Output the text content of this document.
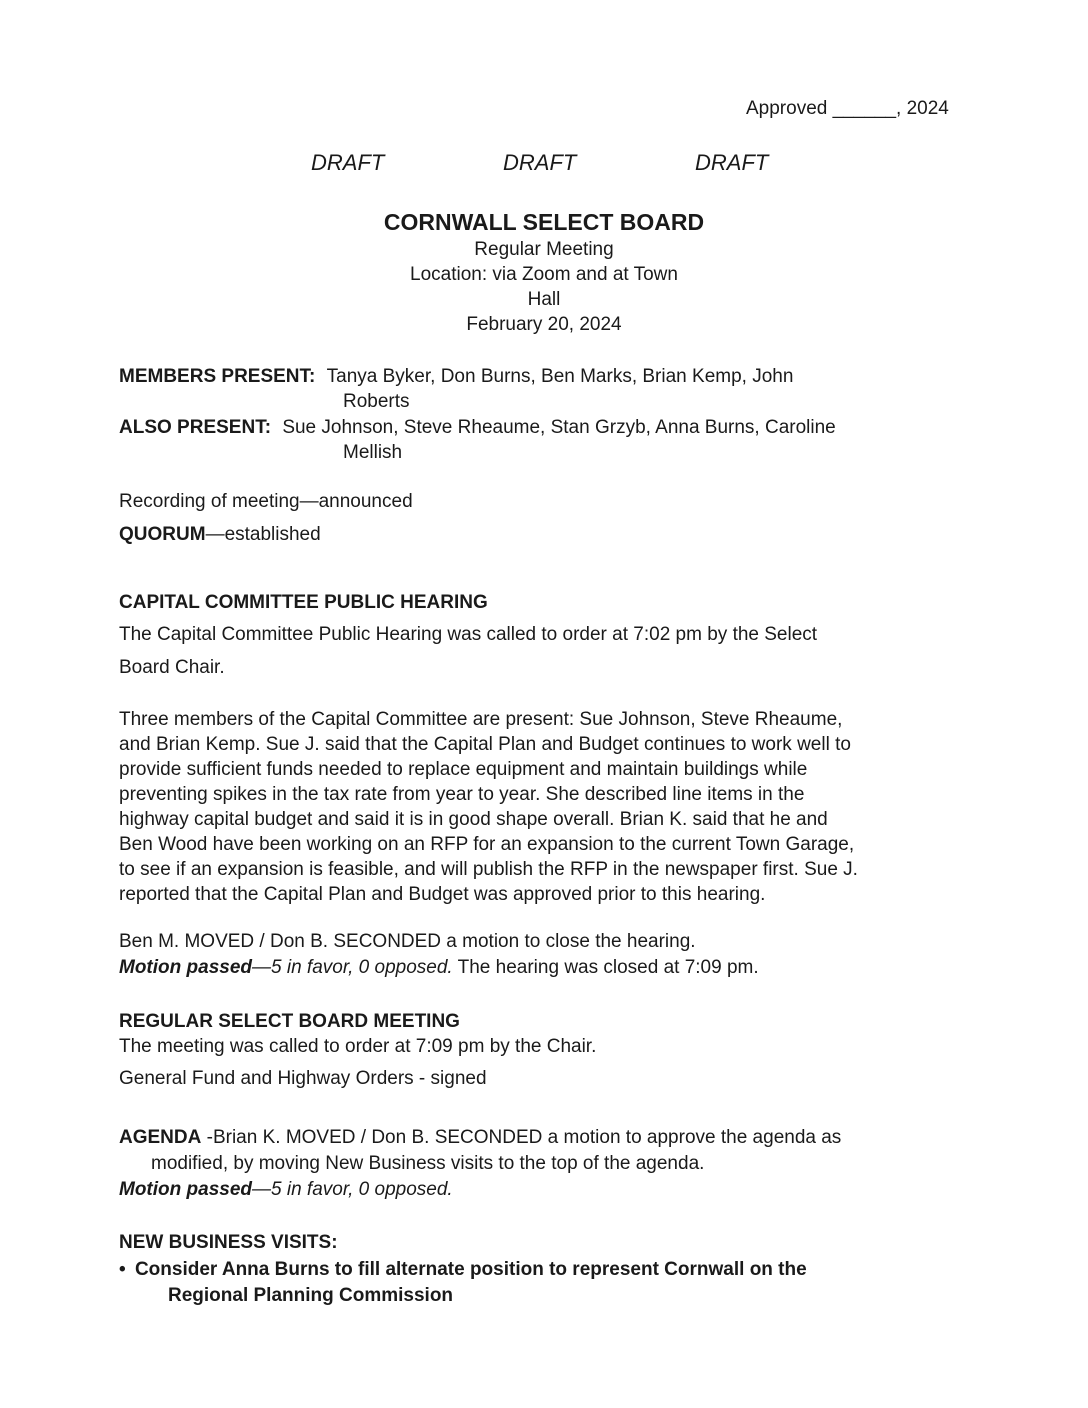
Approved ______, 2024
DRAFT	DRAFT	DRAFT
CORNWALL SELECT BOARD
Regular Meeting
Location: via Zoom and at Town
Hall
February 20, 2024
MEMBERS PRESENT: Tanya Byker, Don Burns, Ben Marks, Brian Kemp, John
Roberts
ALSO PRESENT: Sue Johnson, Steve Rheaume, Stan Grzyb, Anna Burns, Caroline
Mellish
Recording of meeting—announced
QUORUM—established
CAPITAL COMMITTEE PUBLIC HEARING
The Capital Committee Public Hearing was called to order at 7:02 pm by the Select
Board Chair.
Three members of the Capital Committee are present: Sue Johnson, Steve Rheaume,
and Brian Kemp. Sue J. said that the Capital Plan and Budget continues to work well to
provide sufficient funds needed to replace equipment and maintain buildings while
preventing spikes in the tax rate from year to year. She described line items in the
highway capital budget and said it is in good shape overall. Brian K. said that he and
Ben Wood have been working on an RFP for an expansion to the current Town Garage,
to see if an expansion is feasible, and will publish the RFP in the newspaper first. Sue J.
reported that the Capital Plan and Budget was approved prior to this hearing.
Ben M. MOVED / Don B. SECONDED a motion to close the hearing.
Motion passed—5 in favor, 0 opposed. The hearing was closed at 7:09 pm.
REGULAR SELECT BOARD MEETING
The meeting was called to order at 7:09 pm by the Chair.
General Fund and Highway Orders - signed
AGENDA -Brian K. MOVED / Don B. SECONDED a motion to approve the agenda as
modified, by moving New Business visits to the top of the agenda.
Motion passed—5 in favor, 0 opposed.
NEW BUSINESS VISITS:
• Consider Anna Burns to fill alternate position to represent Cornwall on the
Regional Planning Commission
